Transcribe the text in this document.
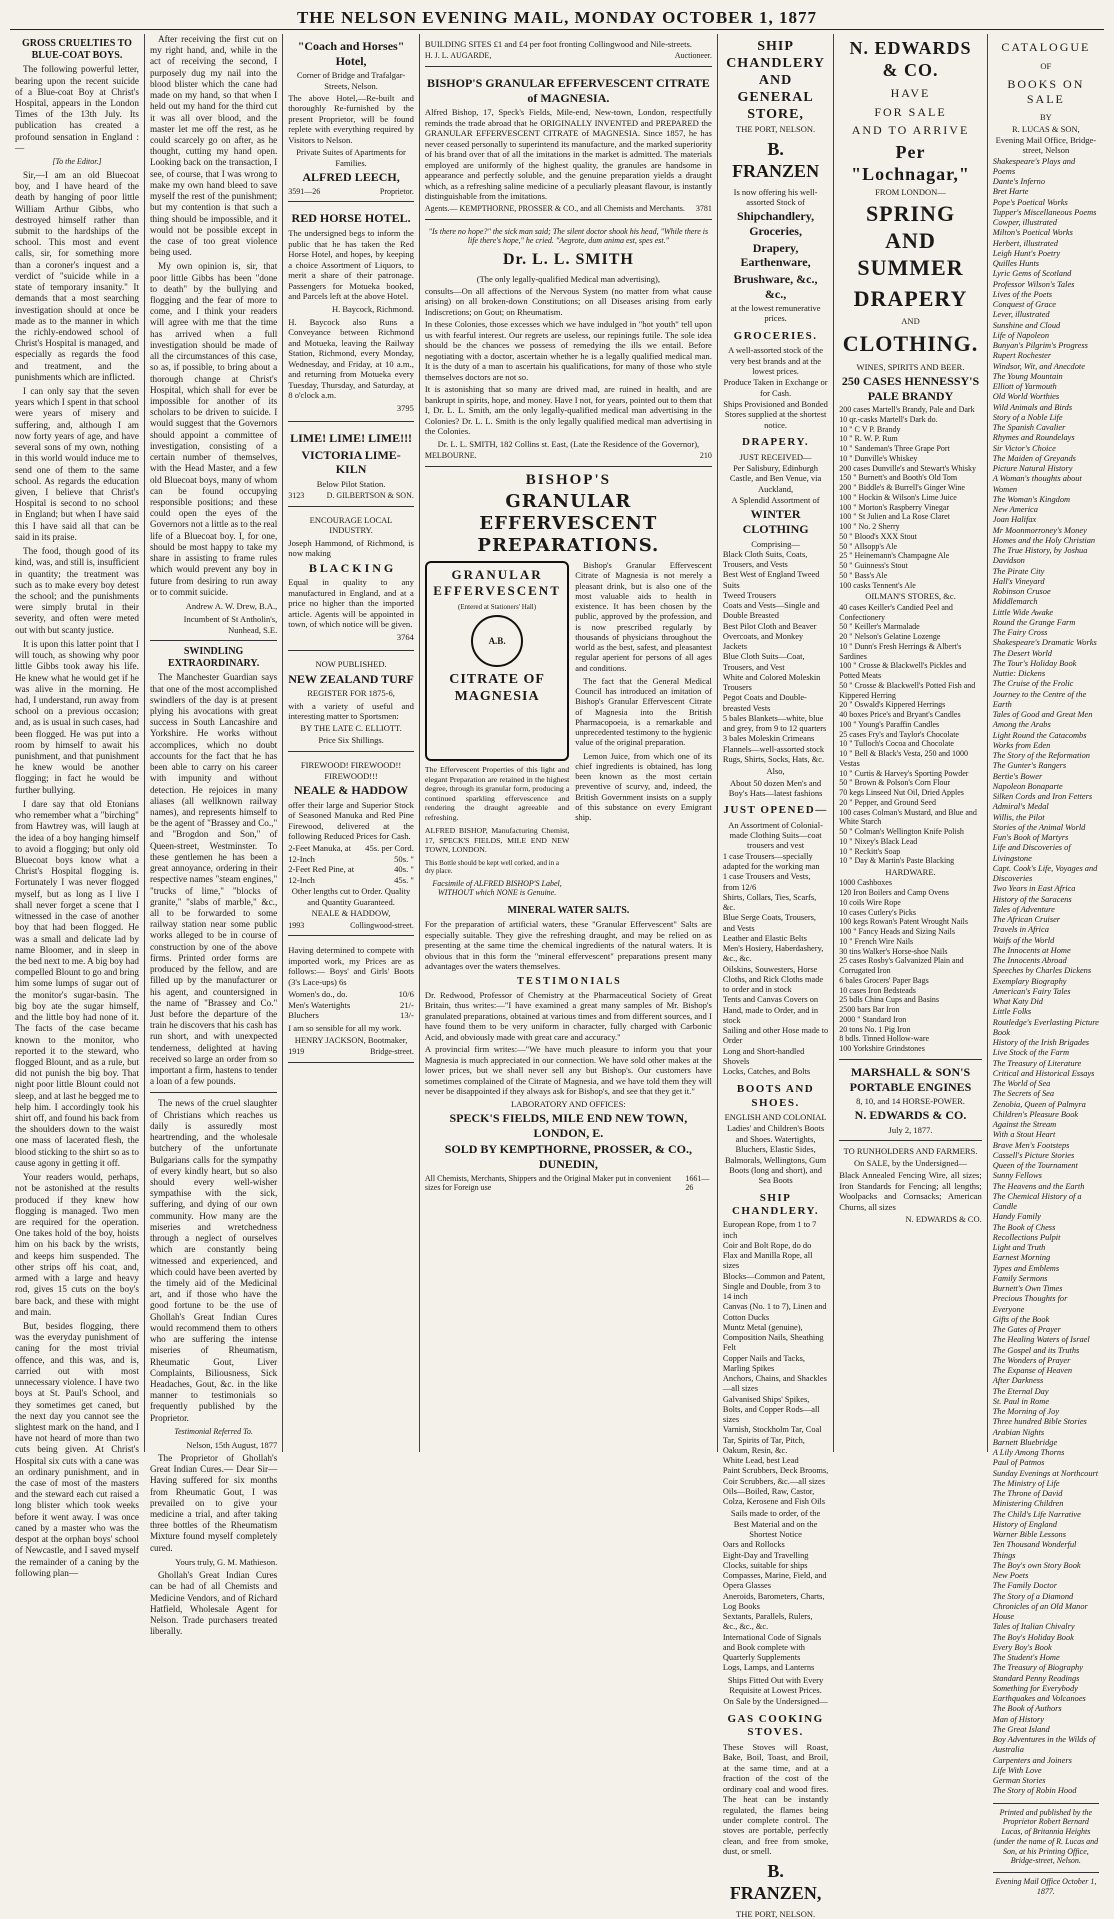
THE NELSON EVENING MAIL, MONDAY OCTOBER 1, 1877
GROSS CRUELTIES TO BLUE-COAT BOYS.

The following powerful letter, bearing upon the recent suicide of a Blue-coat Boy at Christ's Hospital, appears in the London Times of the 13th July. Its publication has created a profound sensation in England :—

[To the Editor.]

Sir,—I am an old Bluecoat boy, and I have heard of the death by hanging of poor little William Arthur Gibbs, who destroyed himself rather than submit to the hardships of the school. This most and event calls, sir, for something more than a coroner's inquest and a verdict of "suicide while in a state of temporary insanity." It demands that a most searching investigation should at once be made as to the manner in which the richly-endowed school of Christ's Hospital is managed, and especially as regards the food and treatment, and the punishments which are inflicted.

I can only say that the seven years which I spent in that school were years of misery and suffering, and, although I am now forty years of age, and have several sons of my own, nothing in this world would induce me to send one of them to the same school. As regards the education given, I believe that Christ's Hospital is second to no school in England; but when I have said this I have said all that can be said in its praise.

The food, though good of its kind, was, and still is, insufficient in quantity; the treatment was such as to make every boy detest the school; and the punishments were simply brutal in their severity, and often were meted out with but scanty justice.

It is upon this latter point that I will touch, as showing why poor little Gibbs took away his life. He knew what he would get if he was alive in the morning. He had, I understand, run away from school on a previous occasion; and, as is usual in such cases, had been flogged. He was put into a room by himself to await his punishment, and that punishment he knew would be another flogging; in fact he would be further bullying.

I dare say that old Etonians who remember what a "birching" from Hawtrey was, will laugh at the idea of a boy hanging himself to avoid a flogging; but only old Bluecoat boys know what a Christ's Hospital flogging is. Fortunately I was never flogged myself, but as long as I live I shall never forget a scene that I witnessed in the case of another boy that had been flogged. He was a small and delicate lad by name Bloomer, and in sleep in the bed next to me. A big boy had compelled Blount to go and bring him some lumps of sugar out of the monitor's sugar-basin. The big boy ate the sugar himself, and the little boy had none of it. The facts of the case became known to the monitor, who reported it to the steward, who flogged Blount, and as a rule, but did not punish the big boy. That night poor little Blount could not sleep, and at last he begged me to help him. I accordingly took his shirt off, and found his back from the shoulders down to the waist one mass of lacerated flesh, the blood sticking to the shirt so as to cause agony in getting it off.

Your readers would, perhaps, not be astonished at the results produced if they knew how flogging is managed. Two men are required for the operation. One takes hold of the boy, hoists him on his back by the wrists, and keeps him suspended. The other strips off his coat, and, armed with a large and heavy rod, gives 15 cuts on the boy's bare back, and these with might and main.

But, besides flogging, there was the everyday punishment of caning for the most trivial offence, and this was, and is, carried out with most unnecessary violence. I have two boys at St. Paul's School, and they sometimes get caned, but the next day you cannot see the slightest mark on the hand, and I have not heard of more than two cuts being given. At Christ's Hospital six cuts with a cane was an ordinary punishment, and in the case of most of the masters and the steward each cut raised a long blister which took weeks before it went away. I was once caned by a master who was the despot at the orphan boys' school of Newcastle, and I saved myself the remainder of a caning by the following plan—

After receiving the first cut on my right hand, and, while in the act of receiving the second, I purposely dug my nail into the blood blister which the cane had made on my hand, so that when I held out my hand for the third cut it was all over blood, and the master let me off the rest, as he could scarcely go on after, as he thought, cutting my hand open. Looking back on the transaction, I see, of course, that I was wrong to make my own hand bleed to save myself the rest of the punishment; but my contention is that such a thing should be impossible, and it would not be possible except in the case of too great violence being used.

My own opinion is, sir, that poor little Gibbs has been "done to death" by the bullying and flogging and the fear of more to come, and I think your readers will agree with me that the time has arrived when a full investigation should be made of all the circumstances of this case, so as, if possible, to bring about a thorough change at Christ's Hospital, which shall for ever be impossible for another of its scholars to be driven to suicide. I would suggest that the Governors should appoint a committee of investigation, consisting of a certain number of themselves, with the Head Master, and a few old Bluecoat boys, many of whom can be found occupying responsible positions; and these could open the eyes of the Governors not a little as to the real life of a Bluecoat boy. I, for one, should be most happy to take my share in assisting to frame rules which would prevent any boy in future from desiring to run away or to commit suicide.

Andrew A. W. Drew, B.A.,
Incumbent of St Antholin's, Nunhead, S.E.
SWINDLING EXTRAORDINARY.

The Manchester Guardian says that one of the most accomplished swindlers of the day is at present plying his avocations with great success in South Lancashire and Yorkshire. He works without accomplices, which no doubt accounts for the fact that he has been able to carry on his career with impunity and without detection. He rejoices in many aliases (all wellknown railway names), and represents himself to be the agent of "Brassey and Co.," and "Brogdon and Son," of Queen-street, Westminster. To these gentlemen he has been a great annoyance, ordering in their respective names "steam engines," "trucks of lime," "blocks of granite," "slabs of marble," &c., all to be forwarded to some railway station near some public works alleged to be in course of construction by one of the above firms. Printed order forms are produced by the fellow, and are filled up by the manufacturer or his agent, and countersigned in the name of "Brassey and Co." Just before the departure of the train he discovers that his cash has run short, and with unexpected tenderness, delighted at having received so large an order from so important a firm, hastens to tender a loan of a few pounds.

The news of the cruel slaughter of Christians which reaches us daily is assuredly most heartrending, and the wholesale butchery of the unfortunate Bulgarians calls for the sympathy of every kindly heart, but so also should every well-wisher sympathise with the sick, suffering, and dying of our own community. How many are the miseries and wretchedness through a neglect of ourselves which are constantly being witnessed and experienced, and which could have been averted by the timely aid of the Medicinal art, and if those who have the good fortune to be the use of Ghollah's Great Indian Cures would recommend them to others who are suffering the intense miseries of Rheumatism, Rheumatic Gout, Liver Complaints, Biliousness, Sick Headaches, Gout, &c. in the like manner to testimonials so frequently published by the Proprietor.

Testimonial Referred To.
Nelson, 15th August, 1877

The Proprietor of Ghollah's Great Indian Cures.— Dear Sir—Having suffered for six months from Rheumatic Gout, I was prevailed on to give your medicine a trial, and after taking three bottles of the Rheumatism Mixture found myself completely cured.

Yours truly, G. M. Mathieson.

Ghollah's Great Indian Cures can be had of all Chemists and Medicine Vendors, and of Richard Hatfield, Wholesale Agent for Nelson. Trade purchasers treated liberally.

"Coach and Horses" Hotel,
Corner of Bridge and Trafalgar-Streets, Nelson.
The above Hotel,—Re-built and thoroughly Re-furnished by the present Proprietor, will be found replete with everything required by Visitors to Nelson.
Private Suites of Apartments for Families.
ALFRED LEECH,
3591—26	Proprietor.
RED HORSE HOTEL.
The undersigned begs to inform the public that he has taken the Red Horse Hotel, and hopes, by keeping a choice Assortment of Liquors, to merit a share of their patronage. Passengers for Motueka booked, and Parcels left at the above Hotel.
H. Baycock, Richmond.
H. Baycock also Runs a Conveyance between Richmond and Motueka, leaving the Railway Station, Richmond, every Monday, Wednesday, and Friday, at 10 a.m., and returning from Motueka every Tuesday, Thursday, and Saturday, at 8 o'clock a.m.
3795
LIME! LIME! LIME!!!
VICTORIA LIME-KILN
Below Pilot Station.
3123	D. GILBERTSON & SON.
ENCOURAGE LOCAL INDUSTRY.
Joseph Hammond, of Richmond, is now making
B L A C K I N G
Equal in quality to any manufactured in England, and at a price no higher than the imported article. Agents will be appointed in town, of which notice will be given.
3764
NOW PUBLISHED.
NEW ZEALAND TURF
REGISTER FOR 1875-6,
with a variety of useful and interesting matter to Sportsmen:
BY THE LATE C. ELLIOTT.
Price Six Shillings.
FIREWOOD! FIREWOOD!! FIREWOOD!!!
NEALE & HADDOW
offer their large and Superior Stock of Seasoned Manuka and Red Pine Firewood, delivered at the following Reduced Prices for Cash.
2-Feet Manuka, at 45s. per Cord.
12-Inch	50s. "
2-Feet Red Pine, at	40s. "
12-Inch	45s. "
Other lengths cut to Order. Quality and Quantity Guaranteed.
NEALE & HADDOW,
1993	Collingwood-street.
Having determined to compete with imported work, my Prices are as follows:— Boys' and Girls' Boots (3's Lace-ups) 6s
Women's do., do.	10/6
Men's Watertights	21/-
Bluchers	13/-
I am so sensible for all my work.
HENRY JACKSON, Bootmaker,
1919	Bridge-street.
BUILDING SITES £1 and £4 per foot fronting Collingwood and Nile-streets.
H. J. L. AUGARDE,	Auctioneer.
BISHOP'S GRANULAR EFFERVESCENT CITRATE of MAGNESIA.
Alfred Bishop, 17, Speck's Fields, Mile-end, New-town, London, respectfully reminds the trade abroad that he ORIGINALLY INVENTED and PREPARED the GRANULAR EFFERVESCENT CITRATE of MAGNESIA. Since 1857, he has never ceased personally to superintend its manufacture, and the marked superiority of his brand over that of all the imitations in the market is admitted. The materials employed are uniformly of the highest quality, the granules are handsome in appearance and perfectly soluble, and the genuine preparation yields a draught which, as a refreshing saline medicine of a peculiarly pleasant flavour, is instantly distinguishable from the imitations.
Agents.— KEMPTHORNE, PROSSER & CO., and all Chemists and Merchants. 3781
"Is there no hope?" the sick man said; The silent doctor shook his head, "While there is life there's hope," he cried. "Aegrote, dum anima est, spes est."
Dr. L. L. SMITH
(The only legally-qualified Medical man advertising),
consults—On all affections of the Nervous System (no matter from what cause arising) on all broken-down Constitutions; on all Diseases arising from early Indiscretions; on Gout; on Rheumatism.
In these Colonies, those excesses which we have indulged in "hot youth" tell upon us with fearful interest. Our regrets are useless, our repinings futile. The sole idea should be the chances we possess of remedying the ills we entail. Before negotiating with a doctor, ascertain whether he is a legally qualified medical man. It is the duty of a man to ascertain his qualifications, for many of those who style themselves doctors are not so.
It is astonishing that so many are drived mad, are ruined in health, and are bankrupt in spirits, hope, and money. Have I not, for years, pointed out to them that I, Dr. L. L. Smith, am the only legally-qualified medical man advertising in the Colonies? Dr. L. L. Smith is the only legally qualified medical man advertising in the Colonies.
Dr. L. L. SMITH, 182 Collins st. East, (Late the Residence of the Governor),
MELBOURNE.	210
BISHOP'S
GRANULAR EFFERVESCENT PREPARATIONS.
GRANULAR
EFFERVESCENT
(Entered at Stationers' Hall)
A.B.
CITRATE OF MAGNESIA
The Effervescent Properties of this light and elegant Preparation are retained in the highest degree, through its granular form, producing a continued sparkling effervescence and rendering the draught agreeable and refreshing.
ALFRED BISHOP, Manufacturing Chemist, 17, SPECK'S FIELDS, MILE END NEW TOWN, LONDON.
This Bottle should be kept well corked, and in a dry place.
Facsimile of ALFRED BISHOP'S Label, WITHOUT which NONE is Genuine.

Bishop's Granular Effervescent Citrate of Magnesia is not merely a pleasant drink, but is also one of the most valuable aids to health in existence. It has been chosen by the public, approved by the profession, and is now prescribed regularly by thousands of physicians throughout the world as the best, safest, and pleasantest regular aperient for persons of all ages and conditions.

The fact that the General Medical Council has introduced an imitation of Bishop's Granular Effervescent Citrate of Magnesia into the British Pharmacopoeia, is a remarkable and unprecedented testimony to the hygienic value of the original preparation.

Lemon Juice, from which one of its chief ingredients is obtained, has long been known as the most certain preventive of scurvy, and, indeed, the British Government insists on a supply of this substance on every Emigrant ship.

MINERAL WATER SALTS.
For the preparation of artificial waters, these "Granular Effervescent" Salts are especially suitable. They give the refreshing draught, and may be relied on as presenting at the same time the chemical ingredients of the natural waters. It is obvious that in this form the "mineral effervescent" preparations present many advantages over the waters themselves.
T E S T I M O N I A L S
Dr. Redwood, Professor of Chemistry at the Pharmaceutical Society of Great Britain, thus writes:—"I have examined a great many samples of Mr. Bishop's granulated preparations, obtained at various times and from different sources, and I have found them to be very uniform in character, fully charged with Carbonic Acid, and obviously made with great care and accuracy."
A provincial firm writes:—"We have much pleasure to inform you that your Magnesia is much appreciated in our connection. We have sold other makes at the lower prices, but we shall never sell any but Bishop's. Our customers have sometimes complained of the Citrate of Magnesia, and we have told them they will never be disappointed if they always ask for Bishop's, and see that they get it."
LABORATORY AND OFFICES:
SPECK'S FIELDS, MILE END NEW TOWN, LONDON, E.
SOLD BY KEMPTHORNE, PROSSER, & CO., DUNEDIN,
All Chemists, Merchants, Shippers and the Original Maker put in convenient sizes for Foreign use
1661—26
SHIP CHANDLERY AND GENERAL STORE,
THE PORT, NELSON.
B. FRANZEN
Is now offering his well-assorted Stock of
Shipchandlery, Groceries,
Drapery, Earthenware,
Brushware, &c., &c.,
at the lowest remunerative prices.
GROCERIES.
A well-assorted stock of the very best brands and at the lowest prices.
Produce Taken in Exchange or for Cash.
Ships Provisioned and Bonded Stores supplied at the shortest notice.
DRAPERY.
JUST RECEIVED—
Per Salisbury, Edinburgh Castle, and Ben Venue, via Auckland,
A Splendid Assortment of
WINTER CLOTHING
Comprising—

Black Cloth Suits, Coats, Trousers, and Vests

Best West of England Tweed Suits

Tweed Trousers

Coats and Vests—Single and Double Breasted

Best Pilot Cloth and Beaver Overcoats, and Monkey Jackets

Blue Cloth Suits—Coat, Trousers, and Vest

White and Colored Moleskin Trousers

Pegot Coats and Double-breasted Vests

5 bales Blankets—white, blue and grey, from 9 to 12 quarters

3 bales Moleskin Crimeans

Flannels—well-assorted stock

Rugs, Shirts, Socks, Hats, &c.

Also,
About 50 dozen Men's and Boy's Hats—latest fashions
JUST OPENED—
An Assortment of Colonial-made Clothing Suits—coat trousers and vest

1 case Trousers—specially adapted for the working man

1 case Trousers and Vests, from 12/6

Shirts, Collars, Ties, Scarfs, &c.

Blue Serge Coats, Trousers, and Vests

Leather and Elastic Belts

Men's Hosiery, Haberdashery, &c., &c.

Oilskins, Souwesters, Horse Cloths, and Rick Cloths made to order and in stock

Tents and Canvas Covers on Hand, made to Order, and in stock

Sailing and other Hose made to Order

Long and Short-handled Shovels

Locks, Catches, and Bolts

BOOTS AND SHOES.
ENGLISH AND COLONIAL
Ladies' and Children's Boots and Shoes. Watertights, Bluchers, Elastic Sides, Balmorals, Wellingtons, Gum Boots (long and short), and Sea Boots
SHIP CHANDLERY.

European Rope, from 1 to 7 inch

Coir and Bolt Rope, do do

Flax and Manilla Rope, all sizes

Blocks—Common and Patent, Single and Double, from 3 to 14 inch

Canvas (No. 1 to 7), Linen and Cotton Ducks

Muntz Metal (genuine), Composition Nails, Sheathing Felt

Copper Nails and Tacks, Marling Spikes

Anchors, Chains, and Shackles—all sizes

Galvanised Ships' Spikes, Bolts, and Copper Rods—all sizes

Varnish, Stockholm Tar, Coal Tar, Spirits of Tar, Pitch, Oakum, Resin, &c.

White Lead, best Lead

Paint Scrubbers, Deck Brooms, Coir Scrubbers, &c.—all sizes

Oils—Boiled, Raw, Castor, Colza, Kerosene and Fish Oils

Sails made to order, of the Best Material and on the Shortest Notice

Oars and Rollocks

Eight-Day and Travelling Clocks, suitable for ships

Compasses, Marine, Field, and Opera Glasses

Aneroids, Barometers, Charts, Log Books

Sextants, Parallels, Rulers, &c., &c., &c.

International Code of Signals and Book complete with Quarterly Supplements

Logs, Lamps, and Lanterns

Ships Fitted Out with Every Requisite at Lowest Prices.
On Sale by the Undersigned—
GAS COOKING STOVES.
These Stoves will Roast, Bake, Boil, Toast, and Broil, at the same time, and at a fraction of the cost of the ordinary coal and wood fires. The heat can be instantly regulated, the flames being under complete control. The stoves are portable, perfectly clean, and free from smoke, dust, or smell.
B. FRANZEN,
THE PORT, NELSON.
N. EDWARDS & CO.
HAVE
FOR SALE
AND TO ARRIVE
Per "Lochnagar,"
FROM LONDON—
SPRING AND SUMMER
DRAPERY
AND
CLOTHING.
WINES, SPIRITS AND BEER.
250 CASES HENNESSY'S PALE BRANDY

200 cases Martell's Brandy, Pale and Dark

10 qr.-casks Martell's Dark do.

10 " C V P. Brandy

10 " R. W. P. Rum

10 " Sandeman's Three Grape Port

10 " Dunville's Whiskey

200 cases Dunville's and Stewart's Whisky

150 " Burnett's and Booth's Old Tom

200 " Biddle's & Burrell's Ginger Wine

100 " Hockin & Wilson's Lime Juice

100 " Morton's Raspberry Vinegar

100 " St Julien and La Rose Claret

100 " No. 2 Sherry

50 " Blood's XXX Stout

50 " Allsopp's Ale

25 " Heinemann's Champagne Ale

50 " Guinness's Stout

50 " Bass's Ale

100 casks Tennent's Ale

OILMAN'S STORES, &c.

40 cases Keiller's Candied Peel and Confectionery

50 " Keiller's Marmalade

20 " Nelson's Gelatine Lozenge

10 " Dunn's Fresh Herrings & Albert's Sardines

100 " Crosse & Blackwell's Pickles and Potted Meats

50 " Crosse & Blackwell's Potted Fish and Kippered Herring

20 " Oswald's Kippered Herrings

40 boxes Price's and Bryant's Candles

100 " Young's Paraffin Candles

25 cases Fry's and Taylor's Chocolate

10 " Tulloch's Cocoa and Chocolate

10 " Bell & Black's Vesta, 250 and 1000 Vestas

10 " Curtis & Harvey's Sporting Powder

50 " Brown & Polson's Corn Flour

70 kegs Linseed Nut Oil, Dried Apples

20 " Pepper, and Ground Seed

100 cases Colman's Mustard, and Blue and White Starch

50 " Colman's Wellington Knife Polish

10 " Nixey's Black Lead

10 " Reckitt's Soap

10 " Day & Martin's Paste Blacking

HARDWARE.

1000 Cashboxes

120 Iron Boilers and Camp Ovens

10 coils Wire Rope

10 cases Cutlery's Picks

100 kegs Rowan's Patent Wrought Nails

100 " Fancy Heads and Sizing Nails

10 " French Wire Nails

30 tins Walker's Horse-shoe Nails

25 cases Rosby's Galvanized Plain and Corrugated Iron

6 bales Grocers' Paper Bags

10 cases Iron Bedsteads

25 bdls China Cups and Basins

2500 bars Bar Iron

2000 " Standard Iron

20 tons No. 1 Pig Iron

8 bdls. Tinned Hollow-ware

100 Yorkshire Grindstones

MARSHALL & SON'S PORTABLE ENGINES
8, 10, and 14 HORSE-POWER.
N. EDWARDS & CO.
July 2, 1877.
TO RUNHOLDERS AND FARMERS.
On SALE, by the Undersigned—
Black Annealed Fencing Wire, all sizes; Iron Standards for Fencing; all lengths; Woolpacks and Cornsacks; American Churns, all sizes
N. EDWARDS & CO.
CATALOGUE
OF
BOOKS ON SALE
BY
R. LUCAS & SON,
Evening Mail Office, Bridge-street, Nelson

Shakespeare's Plays and Poems

Dante's Inferno

Bret Harte

Pope's Poetical Works

Tupper's Miscellaneous Poems

Cowper, illustrated

Milton's Poetical Works

Herbert, illustrated

Leigh Hunt's Poetry

Quilles Hunts

Lyric Gems of Scotland

Professor Wilson's Tales

Lives of the Poets

Conquest of Grace

Lever, illustrated

Sunshine and Cloud

Life of Napoleon

Bunyan's Pilgrim's Progress

Rupert Rochester

Windsor, Wit, and Anecdote

The Young Mountain

Elliott of Yarmouth

Old World Worthies

Wild Animals and Birds

Story of a Noble Life

The Spanish Cavalier

Rhymes and Roundelays

Sir Victor's Choice

The Maiden of Greyands

Picture Natural History

A Woman's thoughts about Women

The Woman's Kingdom

New America

Joan Halifax

Mr Moonmorroney's Money

Homes and the Holy Christian

The True History, by Joshua Davidson

The Pirate City

Hall's Vineyard

Robinson Crusoe

Middlemarch

Little Wide Awake

Round the Grange Farm

The Fairy Cross

Shakespeare's Dramatic Works

The Desert World

The Tour's Holiday Book

Nuttie: Dickens

The Cruise of the Frolic

Journey to the Centre of the Earth

Tales of Good and Great Men

Among the Arabs

Light Round the Catacombs

Works from Eden

The Story of the Reformation

The Gunter's Rangers

Bertie's Bower

Napoleon Bonaparte

Silken Cords and Iron Fetters

Admiral's Medal

Willis, the Pilot

Stories of the Animal World

Fun's Book of Martyrs

Life and Discoveries of Livingstone

Capt. Cook's Life, Voyages and Discoveries

Two Years in East Africa

History of the Saracens

Tales of Adventure

The African Cruiser

Travels in Africa

Waifs of the World

The Innocents at Home

The Innocents Abroad

Speeches by Charles Dickens

Exemplary Biography

American's Fairy Tales

What Katy Did

Little Folks

Routledge's Everlasting Picture Book

History of the Irish Brigades

Live Stock of the Farm

The Treasury of Literature

Critical and Historical Essays

The World of Sea

The Secrets of Sea

Zenobia, Queen of Palmyra

Children's Pleasure Book

Against the Stream

With a Stout Heart

Brave Men's Footsteps

Cassell's Picture Stories

Queen of the Tournament

Sunny Fellows

The Heavens and the Earth

The Chemical History of a Candle

Handy Family

The Book of Chess

Recollections Pulpit

Light and Truth

Earnest Morning

Types and Emblems

Family Sermons

Burnett's Own Times

Precious Thoughts for Everyone

Gifts of the Book

The Gates of Prayer

The Healing Waters of Israel

The Gospel and its Truths

The Wonders of Prayer

The Expanse of Heaven

After Darkness

The Eternal Day

St. Paul in Rome

The Morning of Joy

Three hundred Bible Stories

Arabian Nights

Barnett Bluebridge

A Lily Among Thorns

Paul of Patmos

Sunday Evenings at Northcourt

The Ministry of Life

The Throne of David

Ministering Children

The Child's Life Narrative

History of England

Warner Bible Lessons

Ten Thousand Wonderful Things

The Boy's own Story Book

New Poets

The Family Doctor

The Story of a Diamond

Chronicles of an Old Manor House

Tales of Italian Chivalry

The Boy's Holiday Book

Every Boy's Book

The Student's Home

The Treasury of Biography

Standard Penny Readings

Something for Everybody

Earthquakes and Volcanoes

The Book of Authors

Man of History

The Great Island

Boy Adventures in the Wilds of Australia

Carpenters and Joiners

Life With Love

German Stories

The Story of Robin Hood

Printed and published by the Proprietor Robert Bernard Lucas, of Britannia Heights (under the name of R. Lucas and Son, at his Printing Office, Bridge-street, Nelson.
Evening Mail Office October 1, 1877.
